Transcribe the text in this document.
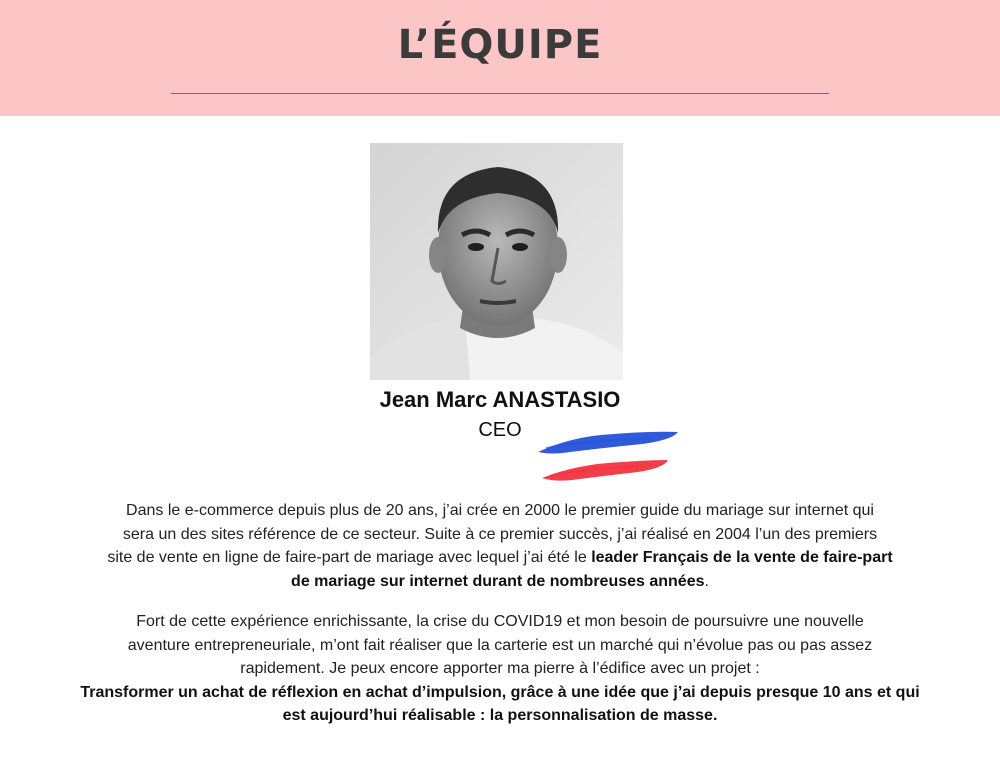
L’ÉQUIPE
Jean Marc ANASTASIO
CEO
Dans le e-commerce depuis plus de 20 ans, j’ai crée en 2000 le premier guide du mariage sur internet qui
sera un des sites référence de ce secteur. Suite à ce premier succès, j’ai réalisé en 2004 l’un des premiers
site de vente en ligne de faire-part de mariage avec lequel j’ai été le leader Français de la vente de faire-part
de mariage sur internet durant de nombreuses années.
Fort de cette expérience enrichissante, la crise du COVID19 et mon besoin de poursuivre une nouvelle
aventure entrepreneuriale, m’ont fait réaliser que la carterie est un marché qui n’évolue pas ou pas assez
rapidement. Je peux encore apporter ma pierre à l’édifice avec un projet :
Transformer un achat de réflexion en achat d’impulsion, grâce à une idée que j’ai depuis presque 10 ans et qui
est aujourd’hui réalisable : la personnalisation de masse.
